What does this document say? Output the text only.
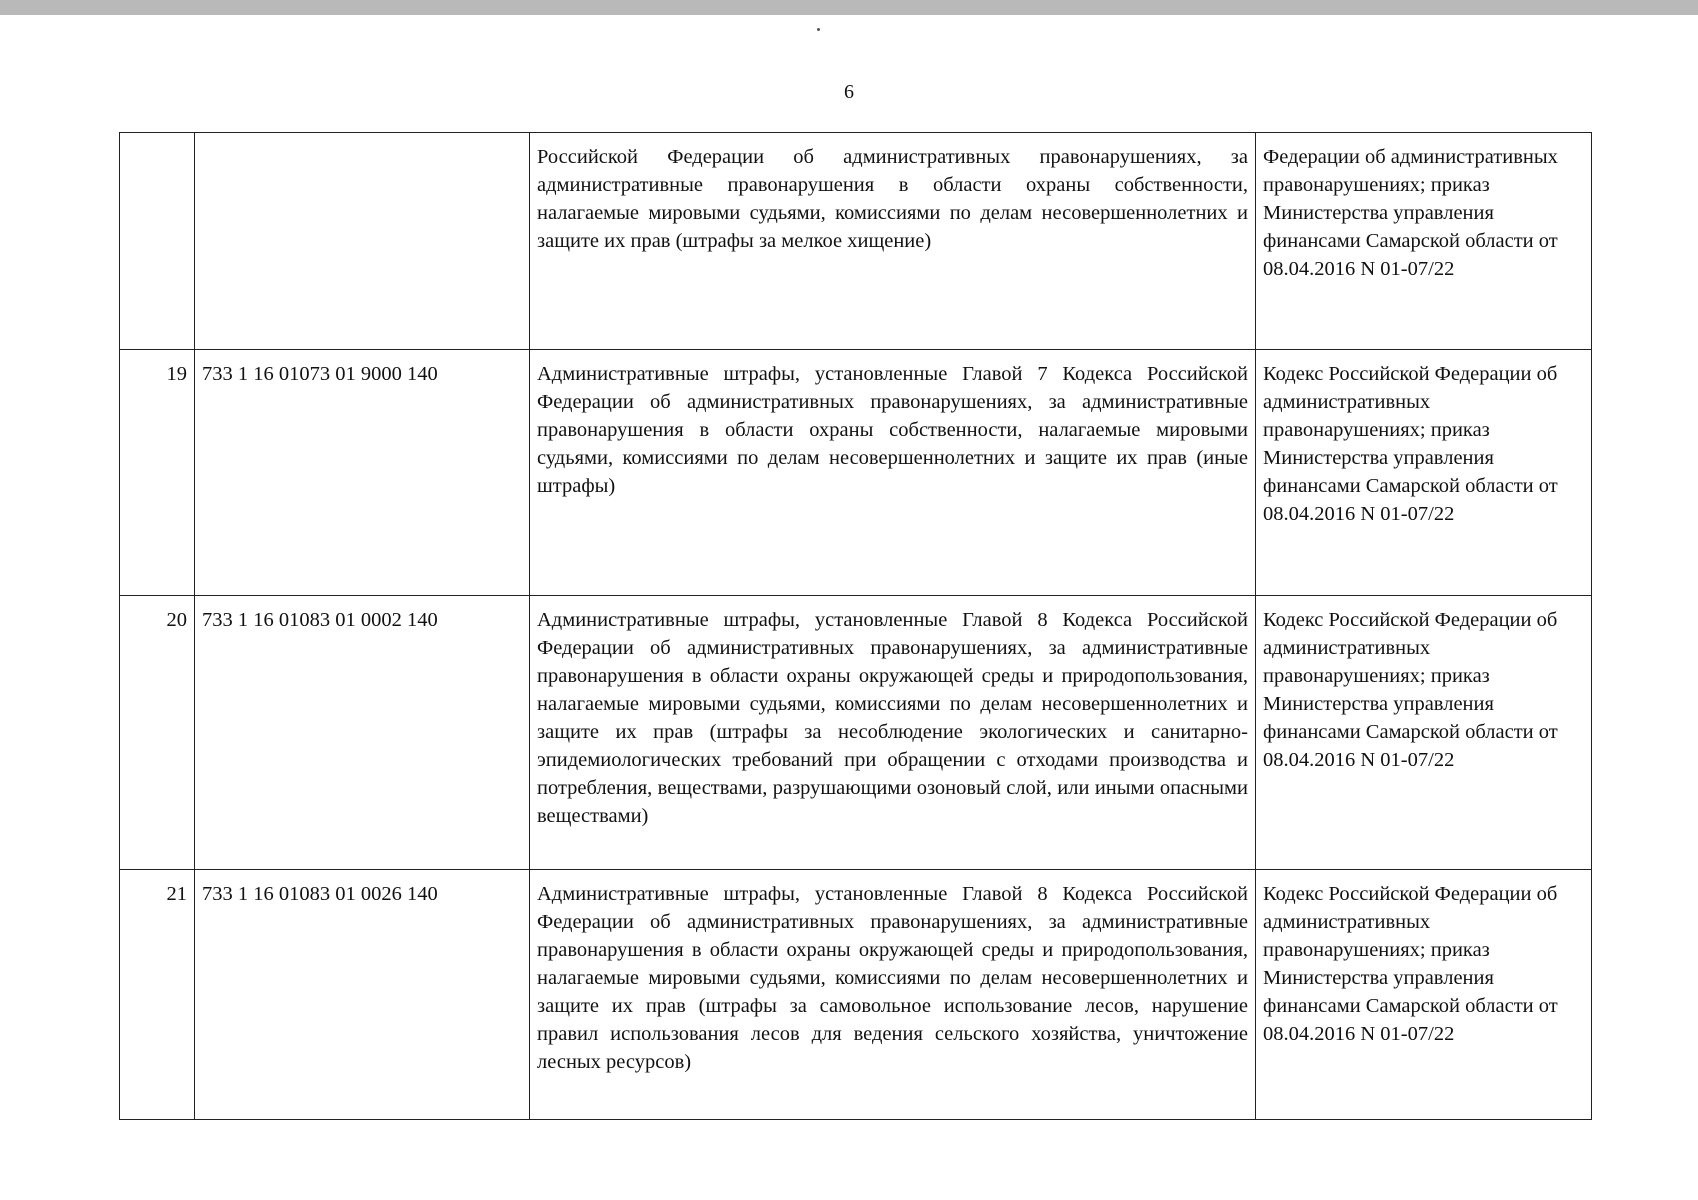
6
		Российской Федерации об административных правонарушениях, за административные правонарушения в области охраны собственности, налагаемые мировыми судьями, комиссиями по делам несовершеннолетних и защите их прав (штрафы за мелкое хищение)	Федерации об административных правонарушениях; приказ Министерства управления финансами Самарской области от 08.04.2016 N 01-07/22
19	733 1 16 01073 01 9000 140	Административные штрафы, установленные Главой 7 Кодекса Российской Федерации об административных правонарушениях, за административные правонарушения в области охраны собственности, налагаемые мировыми судьями, комиссиями по делам несовершеннолетних и защите их прав (иные штрафы)	Кодекс Российской Федерации об административных правонарушениях; приказ Министерства управления финансами Самарской области от 08.04.2016 N 01-07/22
20	733 1 16 01083 01 0002 140	Административные штрафы, установленные Главой 8 Кодекса Российской Федерации об административных правонарушениях, за административные правонарушения в области охраны окружающей среды и природопользования, налагаемые мировыми судьями, комиссиями по делам несовершеннолетних и защите их прав (штрафы за несоблюдение экологических и санитарно-эпидемиологических требований при обращении с отходами производства и потребления, веществами, разрушающими озоновый слой, или иными опасными веществами)	Кодекс Российской Федерации об административных правонарушениях; приказ Министерства управления финансами Самарской области от 08.04.2016 N 01-07/22
21	733 1 16 01083 01 0026 140	Административные штрафы, установленные Главой 8 Кодекса Российской Федерации об административных правонарушениях, за административные правонарушения в области охраны окружающей среды и природопользования, налагаемые мировыми судьями, комиссиями по делам несовершеннолетних и защите их прав (штрафы за самовольное использование лесов, нарушение правил использования лесов для ведения сельского хозяйства, уничтожение лесных ресурсов)	Кодекс Российской Федерации об административных правонарушениях; приказ Министерства управления финансами Самарской области от 08.04.2016 N 01-07/22
